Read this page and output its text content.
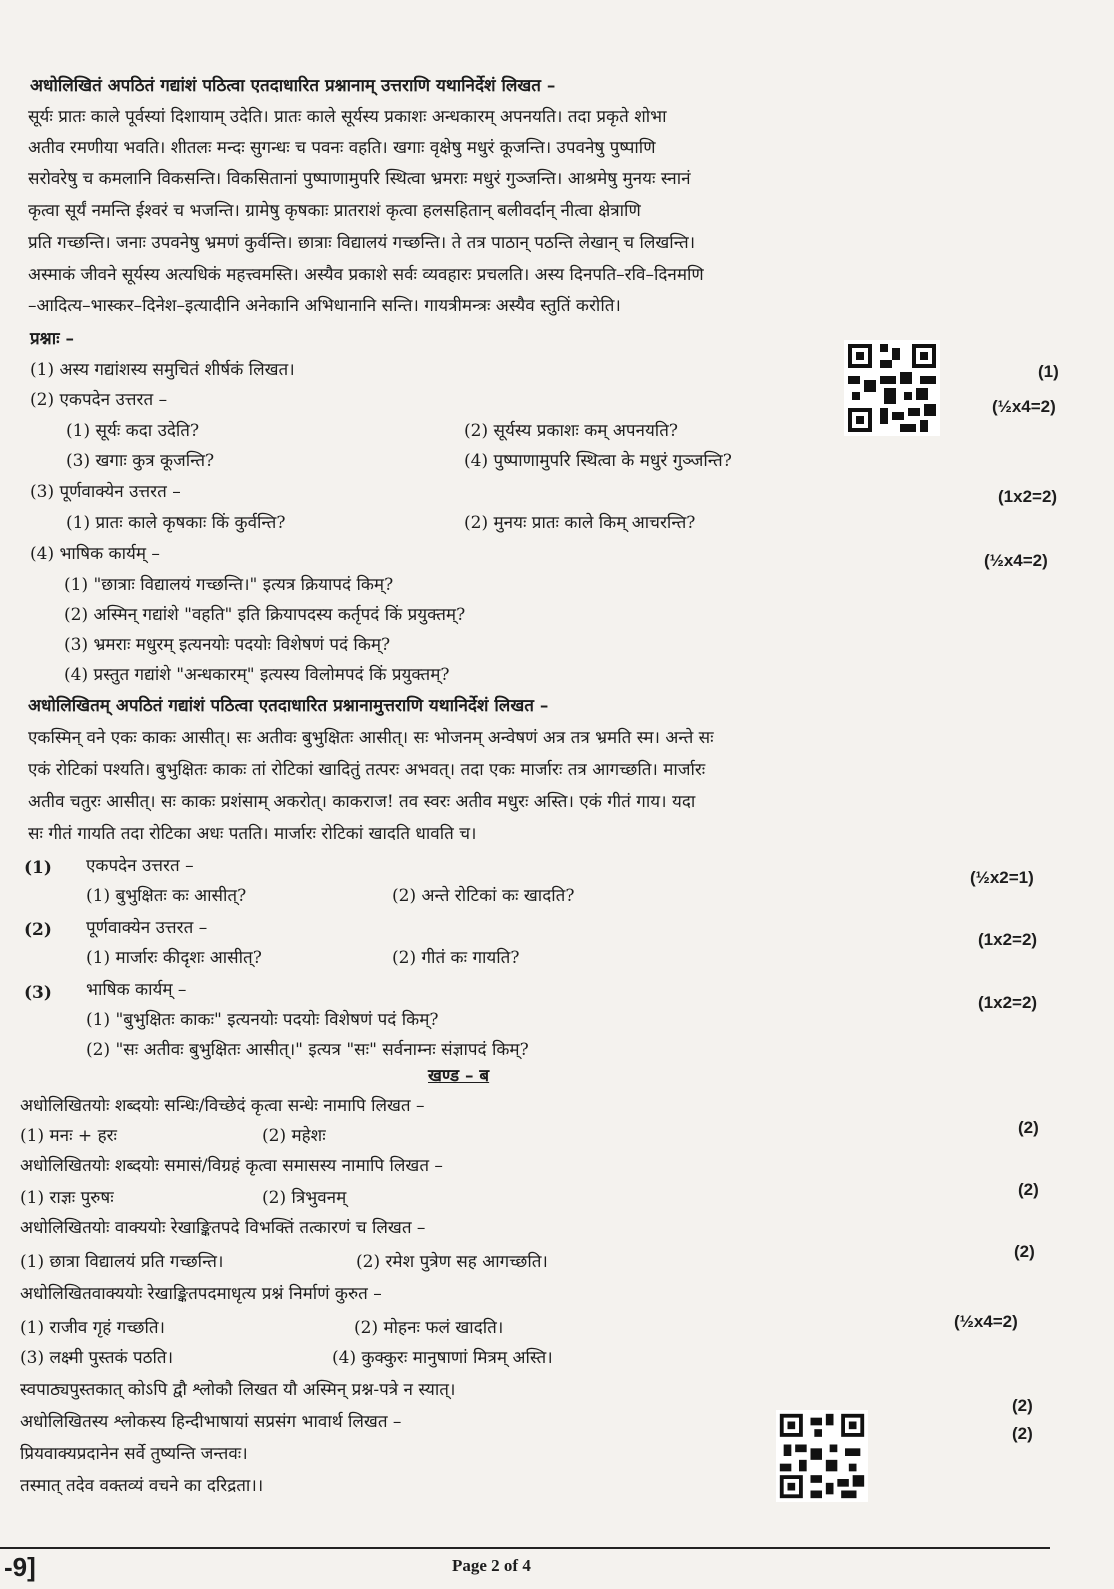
अधोलिखितं अपठितं गद्यांशं पठित्वा एतदाधारित प्रश्नानाम् उत्तराणि यथानिर्देशं लिखत –
सूर्यः प्रातः काले पूर्वस्यां दिशायाम् उदेति। प्रातः काले सूर्यस्य प्रकाशः अन्धकारम् अपनयति। तदा प्रकृते शोभा
अतीव रमणीया भवति। शीतलः मन्दः सुगन्धः च पवनः वहति। खगाः वृक्षेषु मधुरं कूजन्ति। उपवनेषु पुष्पाणि
सरोवरेषु च कमलानि विकसन्ति। विकसितानां पुष्पाणामुपरि स्थित्वा भ्रमराः मधुरं गुञ्जन्ति। आश्रमेषु मुनयः स्नानं
कृत्वा सूर्यं नमन्ति ईश्वरं च भजन्ति। ग्रामेषु कृषकाः प्रातराशं कृत्वा हलसहितान् बलीवर्दान् नीत्वा क्षेत्राणि
प्रति गच्छन्ति। जनाः उपवनेषु भ्रमणं कुर्वन्ति। छात्राः विद्यालयं गच्छन्ति। ते तत्र पाठान् पठन्ति लेखान् च लिखन्ति।
अस्माकं जीवने सूर्यस्य अत्यधिकं महत्त्वमस्ति। अस्यैव प्रकाशे सर्वः व्यवहारः प्रचलति। अस्य दिनपति–रवि–दिनमणि
–आदित्य–भास्कर–दिनेश–इत्यादीनि अनेकानि अभिधानानि सन्ति। गायत्रीमन्त्रः अस्यैव स्तुतिं करोति।
प्रश्नाः –
(1) अस्य गद्यांशस्य समुचितं शीर्षकं लिखत।	(1)
(2) एकपदेन उत्तरत –	(½x4=2)
(1) सूर्यः कदा उदेति?	(2) सूर्यस्य प्रकाशः कम् अपनयति?
(3) खगाः कुत्र कूजन्ति?	(4) पुष्पाणामुपरि स्थित्वा के मधुरं गुञ्जन्ति?
(3) पूर्णवाक्येन उत्तरत –	(1x2=2)
(1) प्रातः काले कृषकाः किं कुर्वन्ति?	(2) मुनयः प्रातः काले किम् आचरन्ति?
(4) भाषिक कार्यम् –	(½x4=2)
(1) "छात्राः विद्यालयं गच्छन्ति।" इत्यत्र क्रियापदं किम्?
(2) अस्मिन् गद्यांशे "वहति" इति क्रियापदस्य कर्तृपदं किं प्रयुक्तम्?
(3) भ्रमराः मधुरम् इत्यनयोः पदयोः विशेषणं पदं किम्?
(4) प्रस्तुत गद्यांशे "अन्धकारम्" इत्यस्य विलोमपदं किं प्रयुक्तम्?
अधोलिखितम् अपठितं गद्यांशं पठित्वा एतदाधारित प्रश्नानामुत्तराणि यथानिर्देशं लिखत –
एकस्मिन् वने एकः काकः आसीत्। सः अतीवः बुभुक्षितः आसीत्। सः भोजनम् अन्वेषणं अत्र तत्र भ्रमति स्म। अन्ते सः
एकं रोटिकां पश्यति। बुभुक्षितः काकः तां रोटिकां खादितुं तत्परः अभवत्। तदा एकः मार्जारः तत्र आगच्छति। मार्जारः
अतीव चतुरः आसीत्। सः काकः प्रशंसाम् अकरोत्। काकराज! तव स्वरः अतीव मधुरः अस्ति। एकं गीतं गाय। यदा
सः गीतं गायति तदा रोटिका अधः पतति। मार्जारः रोटिकां खादति धावति च।
(1) एकपदेन उत्तरत –
(½x2=1)
(1) बुभुक्षितः कः आसीत्?	(2) अन्ते रोटिकां कः खादति?
(2) पूर्णवाक्येन उत्तरत –
(1x2=2)
(1) मार्जारः कीदृशः आसीत्?	(2) गीतं कः गायति?
(3) भाषिक कार्यम् –
(1x2=2)
(1) "बुभुक्षितः काकः" इत्यनयोः पदयोः विशेषणं पदं किम्?
(2) "सः अतीवः बुभुक्षितः आसीत्।" इत्यत्र "सः" सर्वनाम्नः संज्ञापदं किम्?
खण्ड – ब
अधोलिखितयोः शब्दयोः सन्धिः/विच्छेदं कृत्वा सन्धेः नामापि लिखत –
(2)
(1) मनः + हरः	(2) महेशः
अधोलिखितयोः शब्दयोः समासं/विग्रहं कृत्वा समासस्य नामापि लिखत –
(2)
(1) राज्ञः पुरुषः	(2) त्रिभुवनम्
अधोलिखितयोः वाक्ययोः रेखाङ्कितपदे विभक्तिं तत्कारणं च लिखत –
(2)
(1) छात्रा विद्यालयं प्रति गच्छन्ति।	(2) रमेश पुत्रेण सह आगच्छति।
अधोलिखितवाक्ययोः रेखाङ्कितपदमाधृत्य प्रश्नं निर्माणं कुरुत –
(½x4=2)
(1) राजीव गृहं गच्छति।	(2) मोहनः फलं खादति।
(3) लक्ष्मी पुस्तकं पठति।	(4) कुक्कुरः मानुषाणां मित्रम् अस्ति।
स्वपाठ्यपुस्तकात् कोऽपि द्वौ श्लोकौ लिखत यौ अस्मिन् प्रश्न-पत्रे न स्यात्।
(2)
अधोलिखितस्य श्लोकस्य हिन्दीभाषायां सप्रसंग भावार्थ लिखत –
(2)
प्रियवाक्यप्रदानेन सर्वे तुष्यन्ति जन्तवः।
तस्मात् तदेव वक्तव्यं वचने का दरिद्रता।।
-9]	Page 2 of 4
